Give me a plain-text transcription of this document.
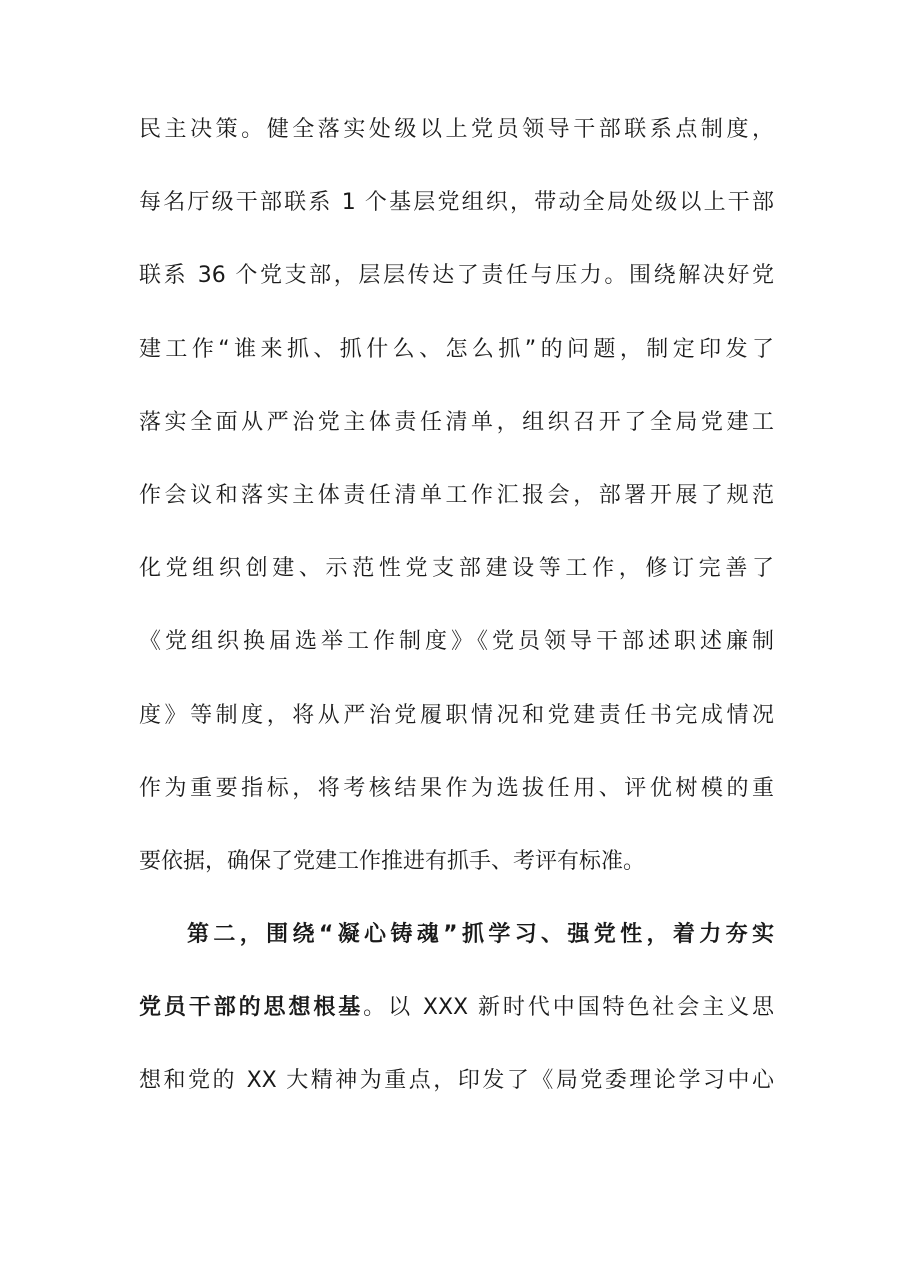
民主决策。健全落实处级以上党员领导干部联系点制度，
每名厅级干部联系 1 个基层党组织，带动全局处级以上干部
联系 36 个党支部，层层传达了责任与压力。围绕解决好党
建工作“谁来抓、抓什么、怎么抓”的问题，制定印发了
落实全面从严治党主体责任清单，组织召开了全局党建工
作会议和落实主体责任清单工作汇报会，部署开展了规范
化党组织创建、示范性党支部建设等工作，修订完善了
《党组织换届选举工作制度》《党员领导干部述职述廉制
度》等制度，将从严治党履职情况和党建责任书完成情况
作为重要指标，将考核结果作为选拔任用、评优树模的重
要依据，确保了党建工作推进有抓手、考评有标准。
第二，围绕“凝心铸魂”抓学习、强党性，着力夯实
党员干部的思想根基。以 XXX 新时代中国特色社会主义思
想和党的 XX 大精神为重点，印发了《局党委理论学习中心
